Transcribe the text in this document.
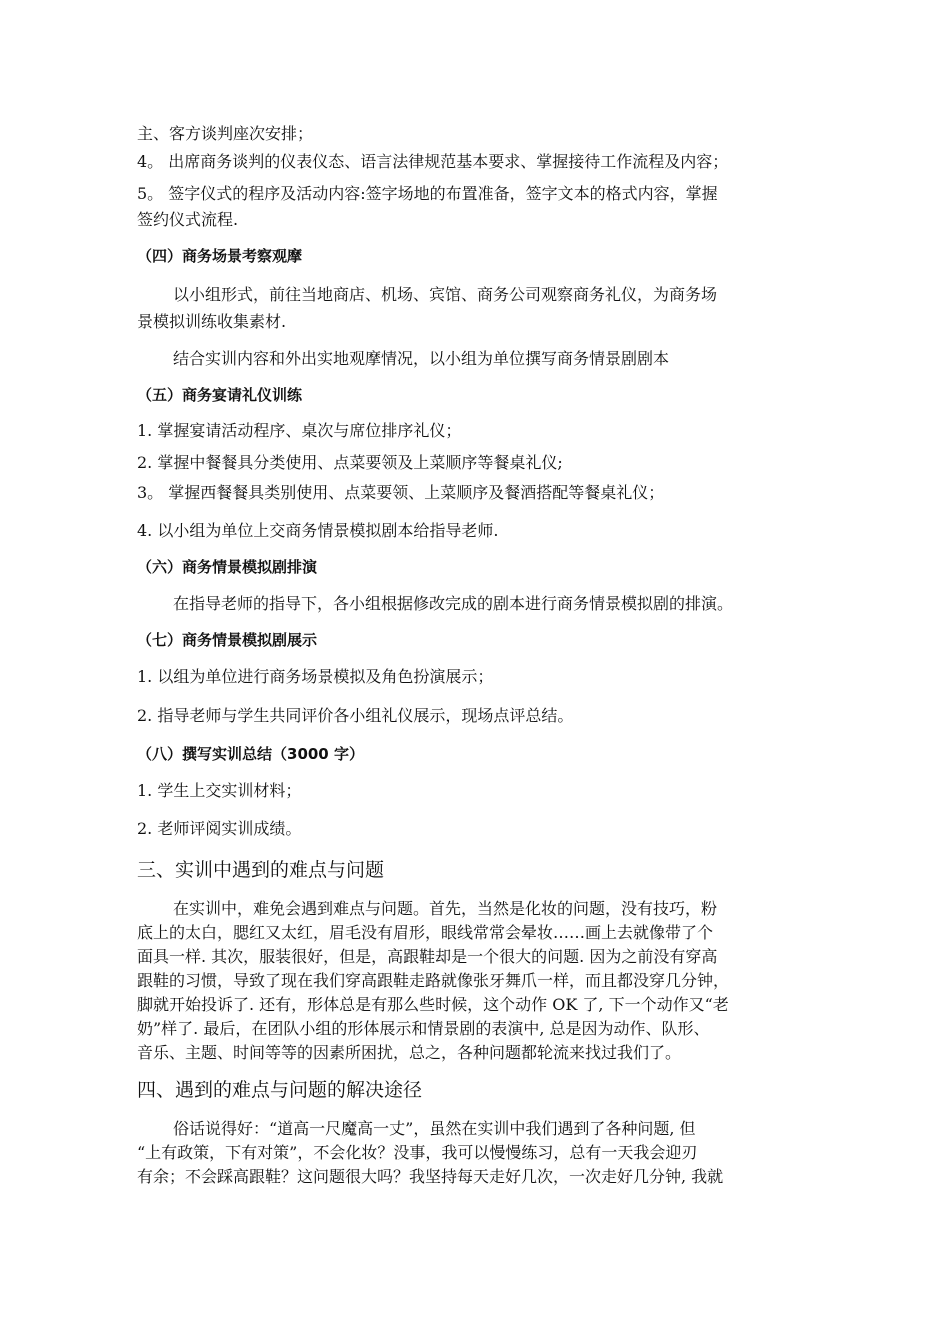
主、客方谈判座次安排；
4。 出席商务谈判的仪表仪态、语言法律规范基本要求、掌握接待工作流程及内容；
5。 签字仪式的程序及活动内容:签字场地的布置准备，签字文本的格式内容，掌握
签约仪式流程.
（四）商务场景考察观摩
以小组形式，前往当地商店、机场、宾馆、商务公司观察商务礼仪，为商务场
景模拟训练收集素材.
结合实训内容和外出实地观摩情况，以小组为单位撰写商务情景剧剧本
（五）商务宴请礼仪训练
1. 掌握宴请活动程序、桌次与席位排序礼仪；
2. 掌握中餐餐具分类使用、点菜要领及上菜顺序等餐桌礼仪;
3。 掌握西餐餐具类别使用、点菜要领、上菜顺序及餐酒搭配等餐桌礼仪；
4. 以小组为单位上交商务情景模拟剧本给指导老师.
（六）商务情景模拟剧排演
在指导老师的指导下，各小组根据修改完成的剧本进行商务情景模拟剧的排演。
（七）商务情景模拟剧展示
1. 以组为单位进行商务场景模拟及角色扮演展示；
2. 指导老师与学生共同评价各小组礼仪展示，现场点评总结。
（八）撰写实训总结（3000 字）
1. 学生上交实训材料；
2. 老师评阅实训成绩。
三、实训中遇到的难点与问题
在实训中，难免会遇到难点与问题。首先，当然是化妆的问题，没有技巧，粉
底上的太白，腮红又太红，眉毛没有眉形，眼线常常会晕妆……画上去就像带了个
面具一样. 其次，服装很好，但是，高跟鞋却是一个很大的问题. 因为之前没有穿高
跟鞋的习惯，导致了现在我们穿高跟鞋走路就像张牙舞爪一样，而且都没穿几分钟，
脚就开始投诉了. 还有，形体总是有那么些时候，这个动作 OK 了, 下一个动作又“老
奶”样了. 最后，在团队小组的形体展示和情景剧的表演中, 总是因为动作、队形、
音乐、主题、时间等等的因素所困扰，总之，各种问题都轮流来找过我们了。
四、遇到的难点与问题的解决途径
俗话说得好：“道高一尺魔高一丈”，虽然在实训中我们遇到了各种问题, 但
“上有政策，下有对策”，不会化妆？没事，我可以慢慢练习，总有一天我会迎刃
有余；不会踩高跟鞋？这问题很大吗？我坚持每天走好几次，一次走好几分钟, 我就
